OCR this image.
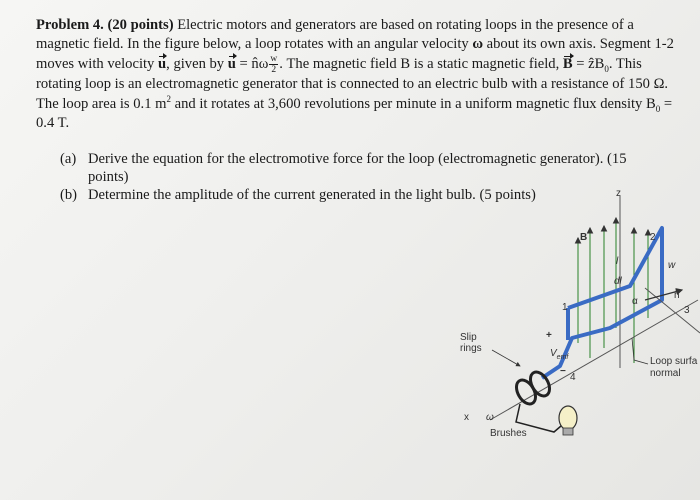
Problem 4. (20 points) Electric motors and generators are based on rotating loops in the presence of a magnetic field. In the figure below, a loop rotates with an angular velocity ω about its own axis. Segment 1-2 moves with velocity u, given by u = n̂ω $\frac{w}{2}$ . The magnetic field B is a static magnetic field, B = ẑB$_0$. This rotating loop is an electromagnetic generator that is connected to an electric bulb with a resistance of 150 Ω. The loop area is 0.1 $m^2$ and it rotates at 3,600 revolutions per minute in a uniform magnetic flux density $B_0 = 0.4$ T.

(a) Derive the equation for the electromotive force for the loop (electromagnetic generator). (15 points)
(b) Determine the amplitude of the current generated in the light bulb. (5 points)	z
B
x
n̂
α
1
2
3
4
l
dl
w
+
−
$V_{emf}$
Slip rings
Brushes
ω
Loop surfa normal
